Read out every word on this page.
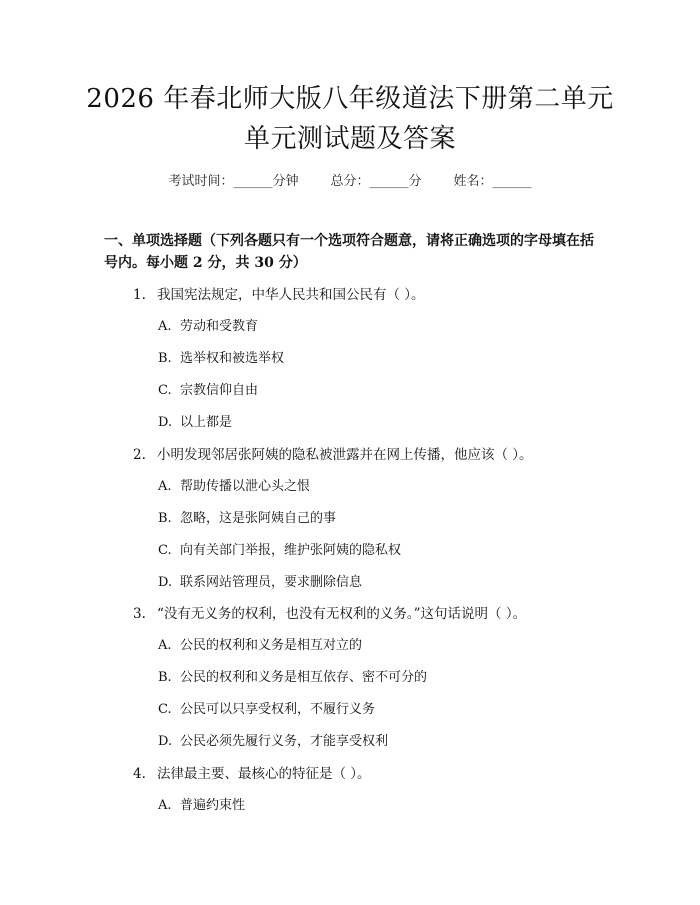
2026 年春北师大版八年级道法下册第二单元
单元测试题及答案
考试时间：______分钟 总分：______分 姓名：______
一、单项选择题（下列各题只有一个选项符合题意，请将正确选项的字母填在括
号内。每小题 2 分，共 30 分）
1. 我国宪法规定，中华人民共和国公民有（ ）。
A. 劳动和受教育
B. 选举权和被选举权
C. 宗教信仰自由
D. 以上都是
2. 小明发现邻居张阿姨的隐私被泄露并在网上传播，他应该（ ）。
A. 帮助传播以泄心头之恨
B. 忽略，这是张阿姨自己的事
C. 向有关部门举报，维护张阿姨的隐私权
D. 联系网站管理员，要求删除信息
3. “没有无义务的权利，也没有无权利的义务。”这句话说明（ ）。
A. 公民的权利和义务是相互对立的
B. 公民的权利和义务是相互依存、密不可分的
C. 公民可以只享受权利，不履行义务
D. 公民必须先履行义务，才能享受权利
4. 法律最主要、最核心的特征是（ ）。
A. 普遍约束性
